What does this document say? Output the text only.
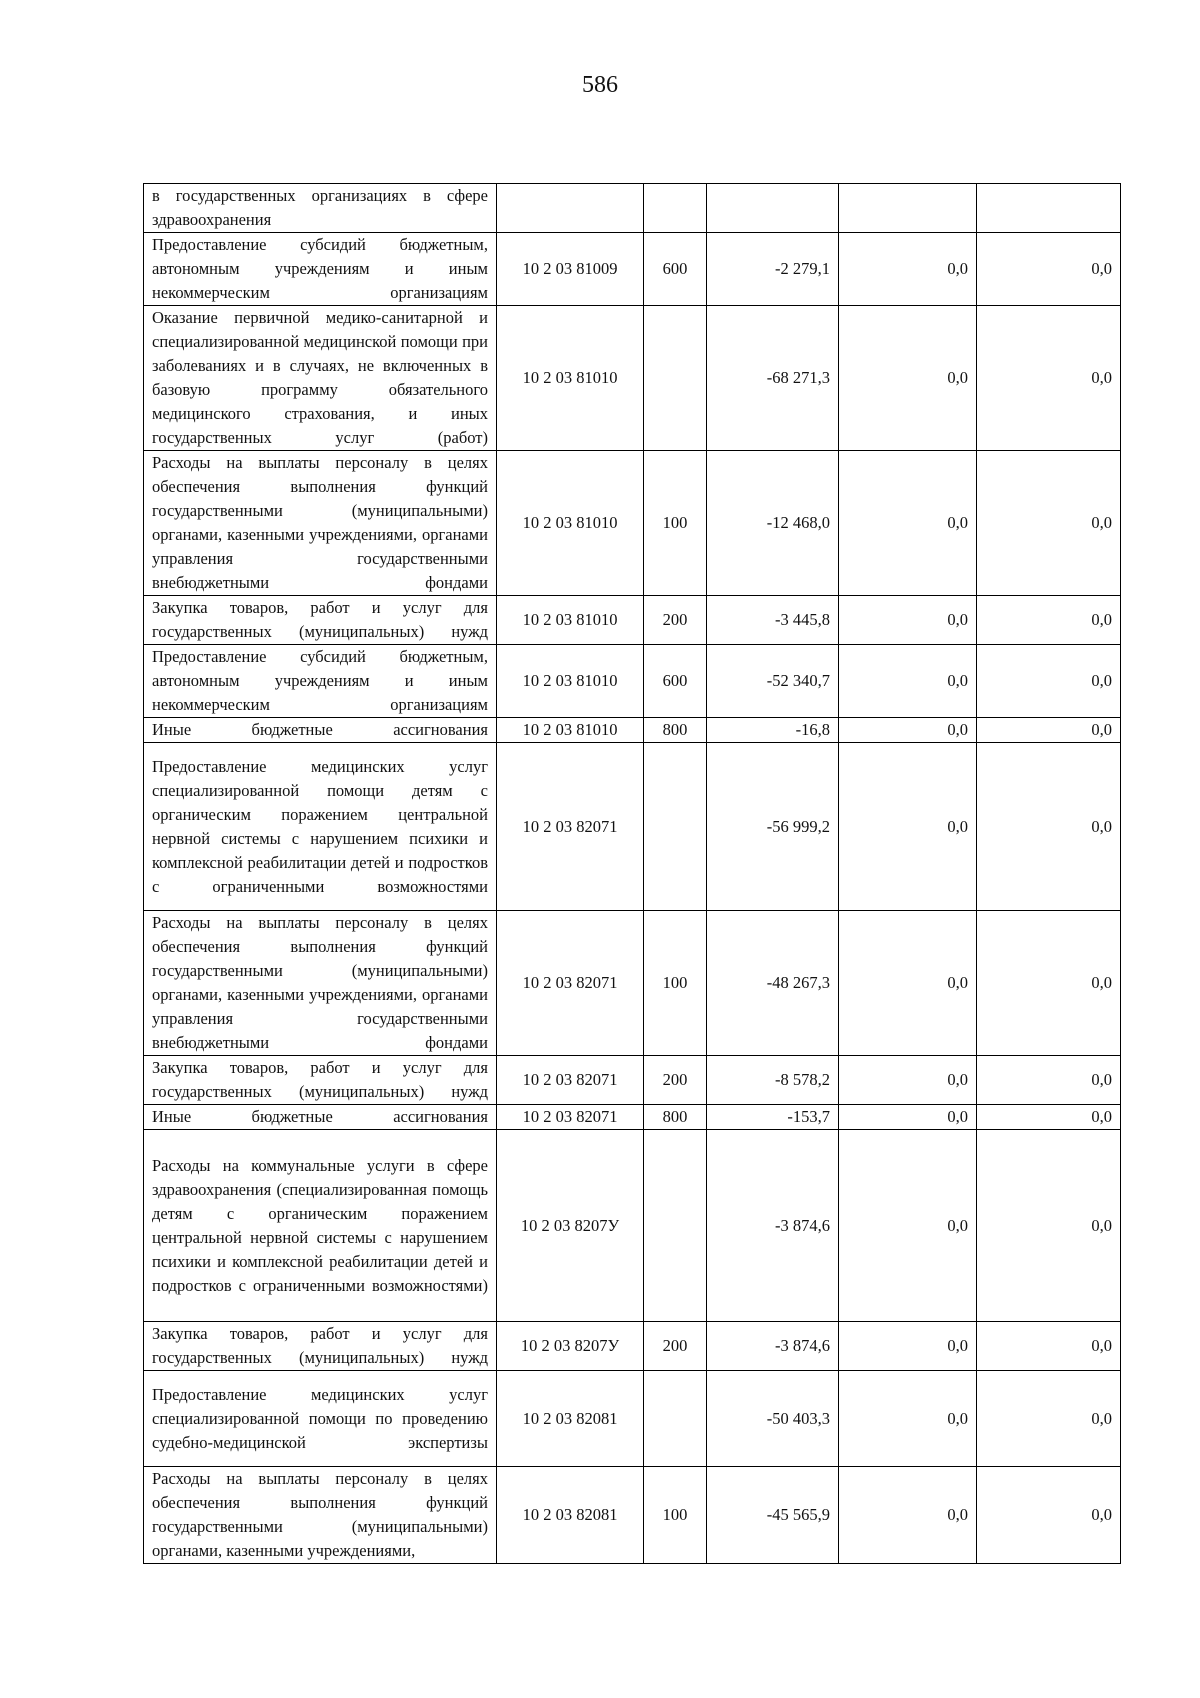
586
в государственных организациях в сфере здравоохранения					
Предоставление субсидий бюджетным, автономным учреждениям и иным некоммерческим организациям	10 2 03 81009	600	-2 279,1	0,0	0,0
Оказание первичной медико-санитарной и специализированной медицинской помощи при заболеваниях и в случаях, не включенных в базовую программу обязательного медицинского страхования, и иных государственных услуг (работ)	10 2 03 81010		-68 271,3	0,0	0,0
Расходы на выплаты персоналу в целях обеспечения выполнения функций государственными (муниципальными) органами, казенными учреждениями, органами управления государственными внебюджетными фондами	10 2 03 81010	100	-12 468,0	0,0	0,0
Закупка товаров, работ и услуг для государственных (муниципальных) нужд	10 2 03 81010	200	-3 445,8	0,0	0,0
Предоставление субсидий бюджетным, автономным учреждениям и иным некоммерческим организациям	10 2 03 81010	600	-52 340,7	0,0	0,0
Иные бюджетные ассигнования	10 2 03 81010	800	-16,8	0,0	0,0
Предоставление медицинских услуг специализированной помощи детям с органическим поражением центральной нервной системы с нарушением психики и комплексной реабилитации детей и подростков с ограниченными возможностями	10 2 03 82071		-56 999,2	0,0	0,0
Расходы на выплаты персоналу в целях обеспечения выполнения функций государственными (муниципальными) органами, казенными учреждениями, органами управления государственными внебюджетными фондами	10 2 03 82071	100	-48 267,3	0,0	0,0
Закупка товаров, работ и услуг для государственных (муниципальных) нужд	10 2 03 82071	200	-8 578,2	0,0	0,0
Иные бюджетные ассигнования	10 2 03 82071	800	-153,7	0,0	0,0
Расходы на коммунальные услуги в сфере здравоохранения (специализированная помощь детям с органическим поражением центральной нервной системы с нарушением психики и комплексной реабилитации детей и подростков с ограниченными возможностями)	10 2 03 8207У		-3 874,6	0,0	0,0
Закупка товаров, работ и услуг для государственных (муниципальных) нужд	10 2 03 8207У	200	-3 874,6	0,0	0,0
Предоставление медицинских услуг специализированной помощи по проведению судебно-медицинской экспертизы	10 2 03 82081		-50 403,3	0,0	0,0
Расходы на выплаты персоналу в целях обеспечения выполнения функций государственными (муниципальными) органами, казенными учреждениями,	10 2 03 82081	100	-45 565,9	0,0	0,0
